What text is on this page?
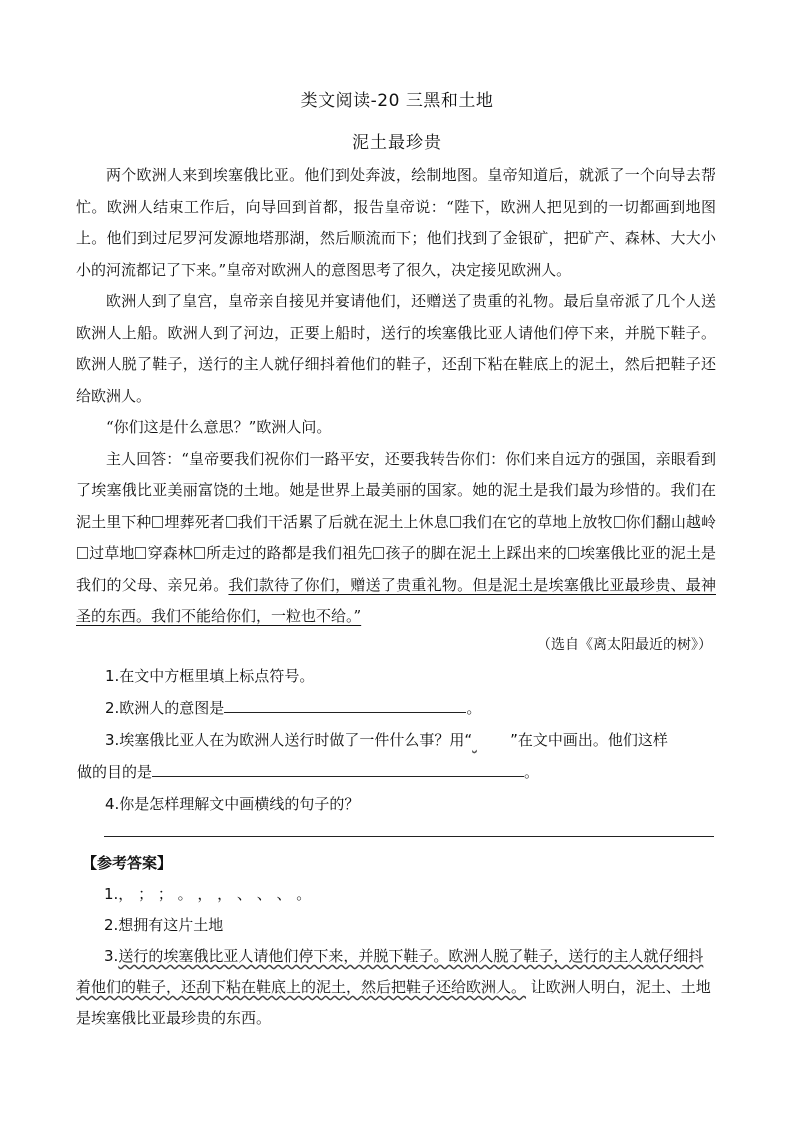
类文阅读-20 三黑和土地
泥土最珍贵

两个欧洲人来到埃塞俄比亚。他们到处奔波，绘制地图。皇帝知道后，就派了一个向导去帮忙。欧洲人结束工作后，向导回到首都，报告皇帝说：“陛下，欧洲人把见到的一切都画到地图上。他们到过尼罗河发源地塔那湖，然后顺流而下；他们找到了金银矿，把矿产、森林、大大小小的河流都记了下来。”皇帝对欧洲人的意图思考了很久，决定接见欧洲人。

欧洲人到了皇宫，皇帝亲自接见并宴请他们，还赠送了贵重的礼物。最后皇帝派了几个人送欧洲人上船。欧洲人到了河边，正要上船时，送行的埃塞俄比亚人请他们停下来，并脱下鞋子。欧洲人脱了鞋子，送行的主人就仔细抖着他们的鞋子，还刮下粘在鞋底上的泥土，然后把鞋子还给欧洲人。

“你们这是什么意思？”欧洲人问。

主人回答：“皇帝要我们祝你们一路平安，还要我转告你们：你们来自远方的强国，亲眼看到了埃塞俄比亚美丽富饶的土地。她是世界上最美丽的国家。她的泥土是我们最为珍惜的。我们在泥土里下种 埋葬死者 我们干活累了后就在泥土上休息 我们在它的草地上放牧 你们翻山越岭过草地 穿森林 所走过的路都是我们祖先 孩子的脚在泥土上踩出来的 埃塞俄比亚的泥土是我们的父母、亲兄弟。我们款待了你们，赠送了贵重礼物。但是泥土是埃塞俄比亚最珍贵、最神圣的东西。我们不能给你们，一粒也不给。”

（选自《离太阳最近的树》）

1.在文中方框里填上标点符号。

2.欧洲人的意图是	。

3.埃塞俄比亚人在为欧洲人送行时做了一件什么事？用“	”在文中画出。他们这样

做的目的是	。

4.你是怎样理解文中画横线的句子的？

【参考答案】

1.， ； ； 。 ， ， 、 、 、 。

2.想拥有这片土地

3.送行的埃塞俄比亚人请他们停下来，并脱下鞋子。欧洲人脱了鞋子，送行的主人就仔细抖着他们的鞋子，还刮下粘在鞋底上的泥土，然后把鞋子还给欧洲人。 让欧洲人明白，泥土、土地是埃塞俄比亚最珍贵的东西。
